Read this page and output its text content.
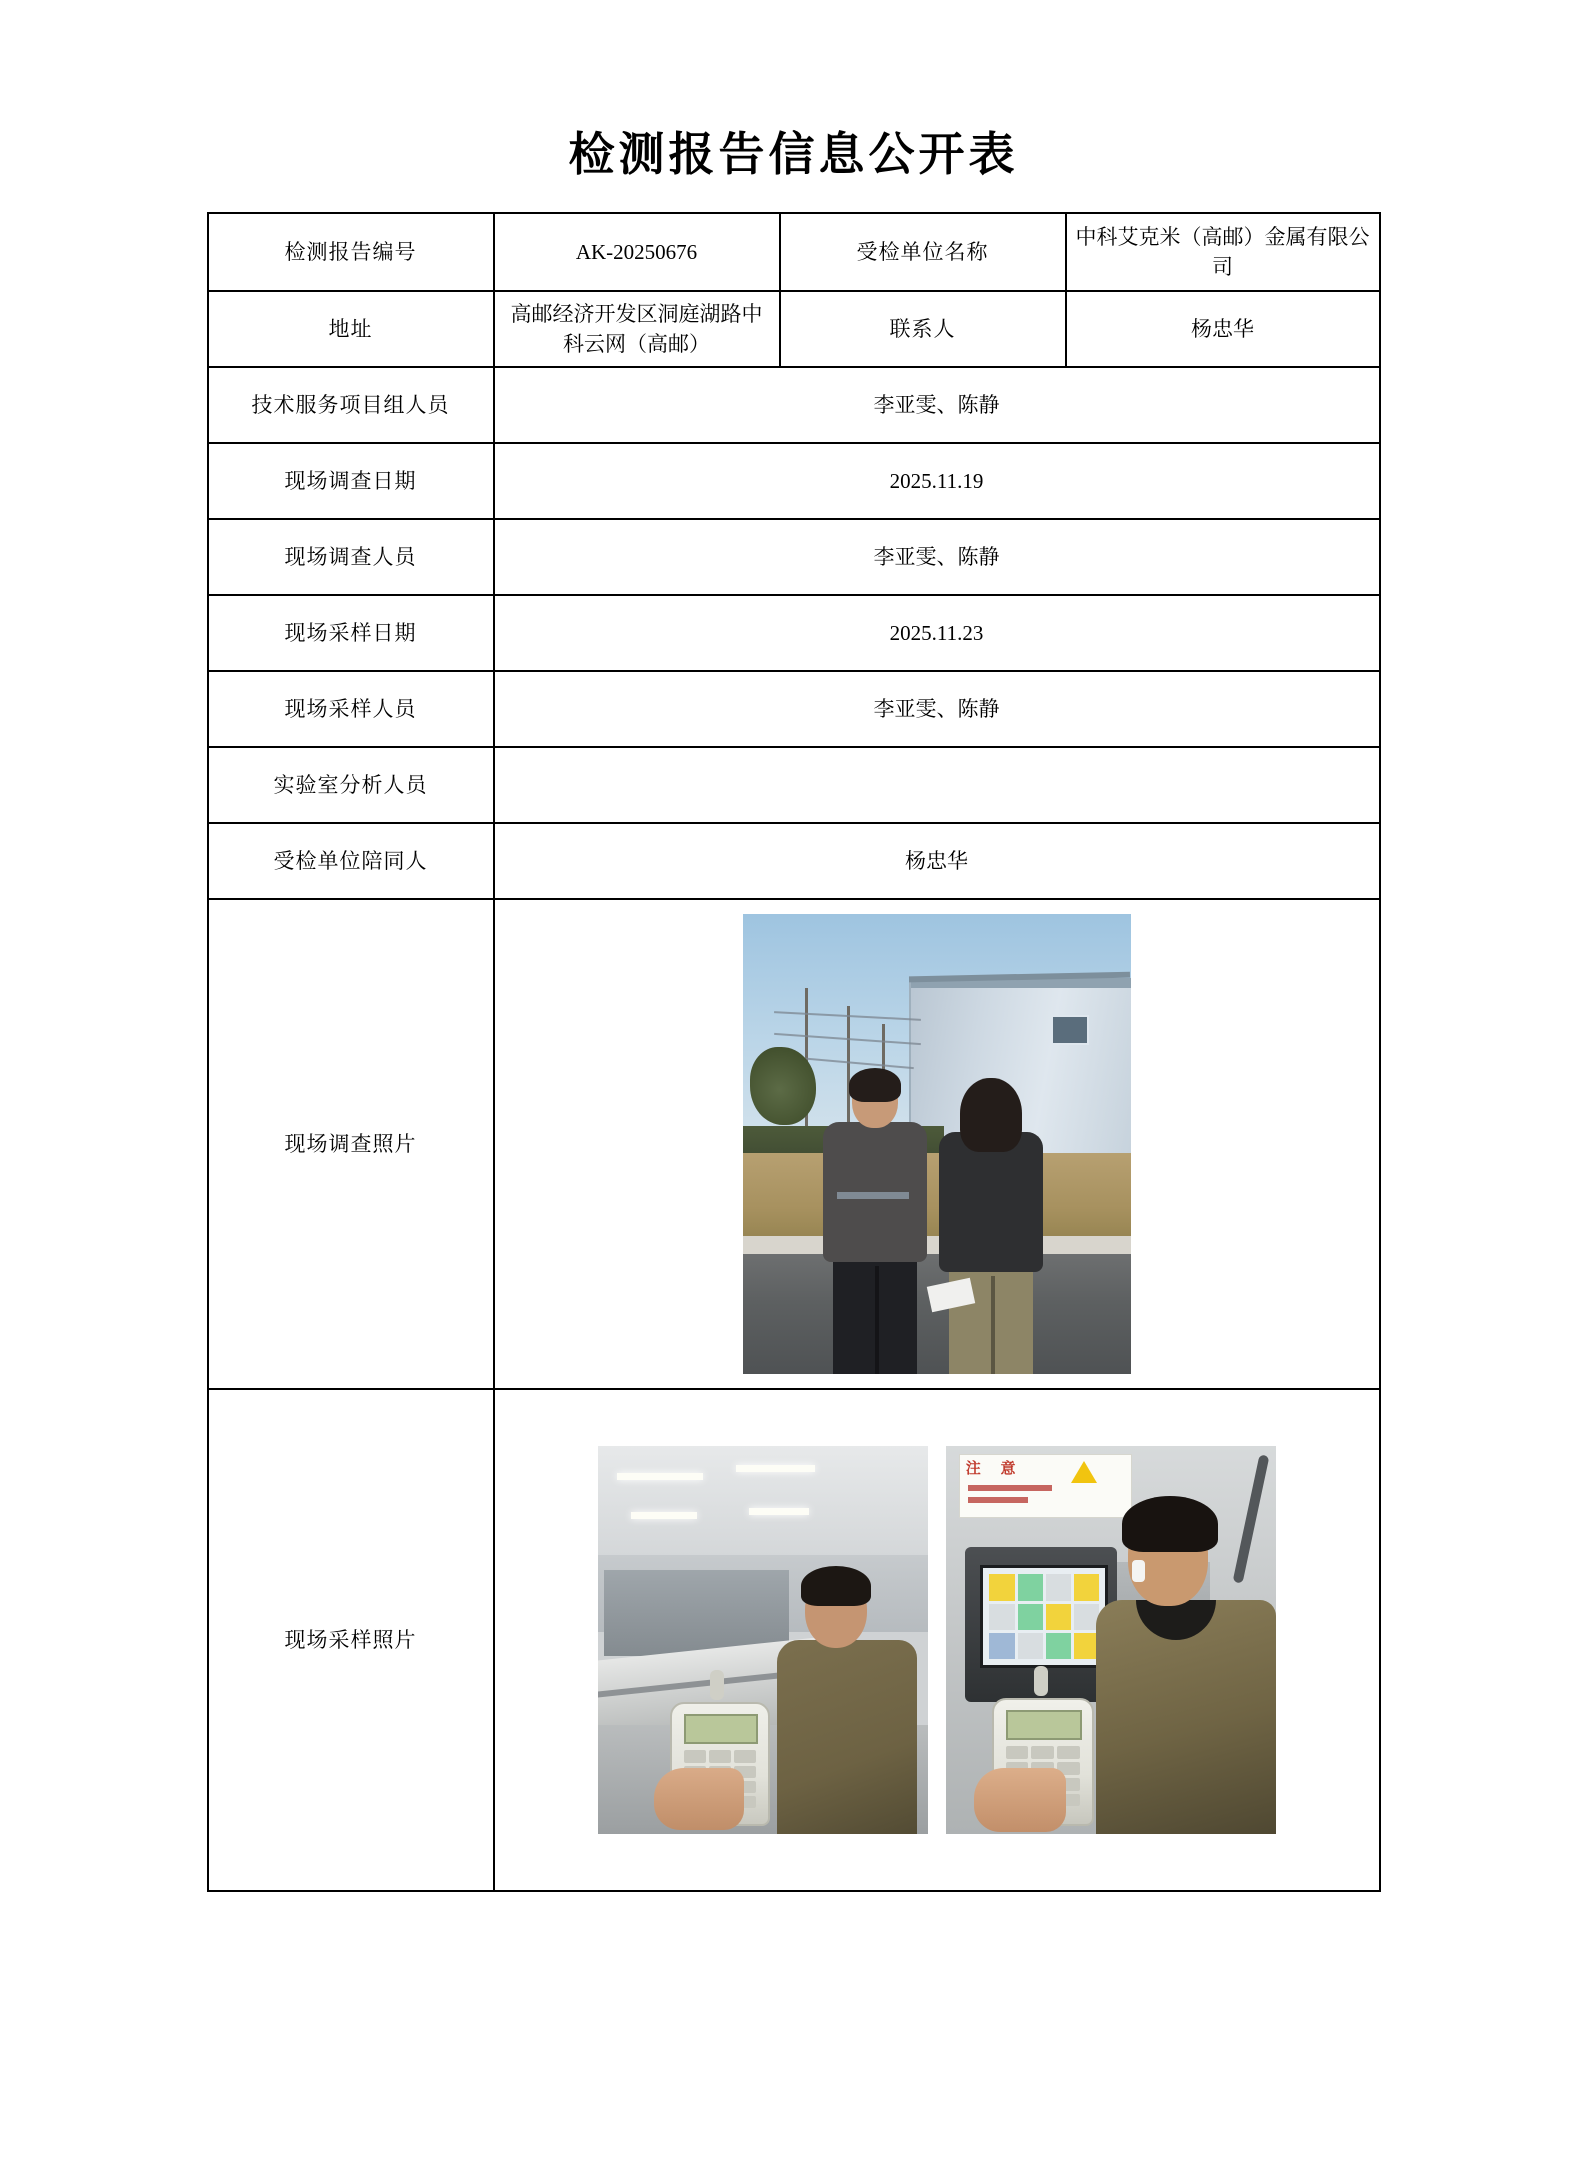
检测报告信息公开表
检测报告编号	AK-20250676	受检单位名称	中科艾克米（高邮）金属有限公司
地址	高邮经济开发区洞庭湖路中科云网（高邮）	联系人	杨忠华
技术服务项目组人员	李亚雯、陈静		
现场调查日期	2025.11.19		
现场调查人员	李亚雯、陈静		
现场采样日期	2025.11.23		
现场采样人员	李亚雯、陈静		
实验室分析人员			
受检单位陪同人	杨忠华		
现场调查照片			

现场采样照片	注 意		
